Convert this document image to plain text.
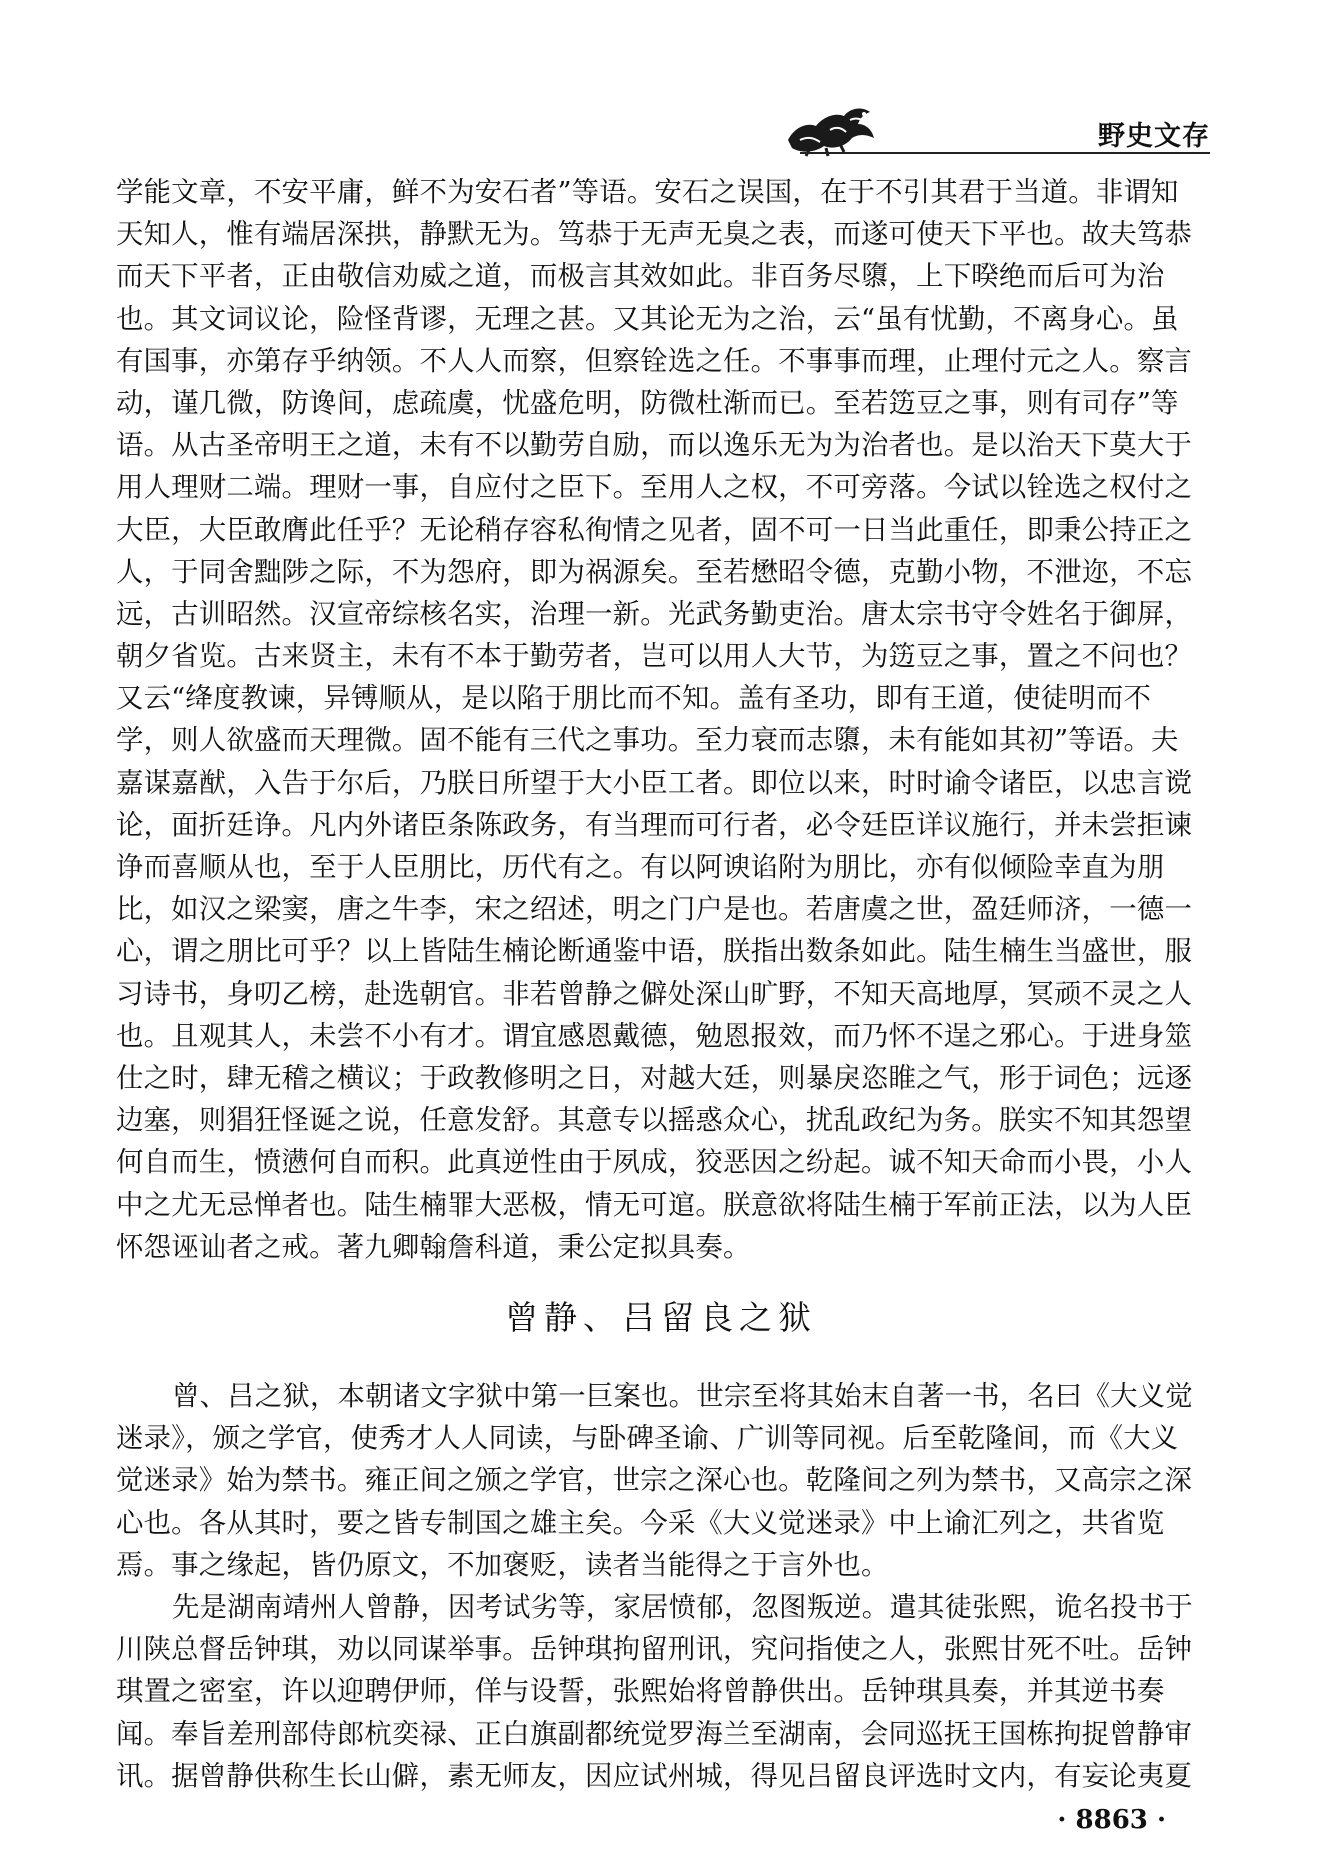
野史文存
学能文章，不安平庸，鲜不为安石者”等语。安石之误国，在于不引其君于当道。非谓知
天知人，惟有端居深拱，静默无为。笃恭于无声无臭之表，而遂可使天下平也。故夫笃恭
而天下平者，正由敬信劝威之道，而极言其效如此。非百务尽隳，上下暌绝而后可为治
也。其文词议论，险怪背谬，无理之甚。又其论无为之治，云“虽有忧勤，不离身心。虽
有国事，亦第存乎纳领。不人人而察，但察铨选之任。不事事而理，止理付元之人。察言
动，谨几微，防谗间，虑疏虞，忧盛危明，防微杜渐而已。至若笾豆之事，则有司存”等
语。从古圣帝明王之道，未有不以勤劳自励，而以逸乐无为为治者也。是以治天下莫大于
用人理财二端。理财一事，自应付之臣下。至用人之权，不可旁落。今试以铨选之权付之
大臣，大臣敢膺此任乎？无论稍存容私徇情之见者，固不可一日当此重任，即秉公持正之
人，于同舍黜陟之际，不为怨府，即为祸源矣。至若懋昭令德，克勤小物，不泄迩，不忘
远，古训昭然。汉宣帝综核名实，治理一新。光武务勤吏治。唐太宗书守令姓名于御屏，
朝夕省览。古来贤主，未有不本于勤劳者，岂可以用人大节，为笾豆之事，置之不问也？
又云“绛度教谏，异镈顺从，是以陷于朋比而不知。盖有圣功，即有王道，使徒明而不
学，则人欲盛而天理微。固不能有三代之事功。至力衰而志隳，未有能如其初”等语。夫
嘉谋嘉猷，入告于尔后，乃朕日所望于大小臣工者。即位以来，时时谕令诸臣，以忠言谠
论，面折廷诤。凡内外诸臣条陈政务，有当理而可行者，必令廷臣详议施行，并未尝拒谏
诤而喜顺从也，至于人臣朋比，历代有之。有以阿谀谄附为朋比，亦有似倾险幸直为朋
比，如汉之梁窦，唐之牛李，宋之绍述，明之门户是也。若唐虞之世，盈廷师济，一德一
心，谓之朋比可乎？以上皆陆生楠论断通鉴中语，朕指出数条如此。陆生楠生当盛世，服
习诗书，身叨乙榜，赴选朝官。非若曾静之僻处深山旷野，不知天高地厚，冥顽不灵之人
也。且观其人，未尝不小有才。谓宜感恩戴德，勉恩报效，而乃怀不逞之邪心。于进身筮
仕之时，肆无稽之横议；于政教修明之日，对越大廷，则暴戾恣睢之气，形于词色；远逐
边塞，则猖狂怪诞之说，任意发舒。其意专以摇惑众心，扰乱政纪为务。朕实不知其怨望
何自而生，愤懑何自而积。此真逆性由于夙成，狡恶因之纷起。诚不知天命而小畏，小人
中之尤无忌惮者也。陆生楠罪大恶极，情无可逭。朕意欲将陆生楠于军前正法，以为人臣
怀怨诬讪者之戒。著九卿翰詹科道，秉公定拟具奏。
曾静、吕留良之狱
曾、吕之狱，本朝诸文字狱中第一巨案也。世宗至将其始末自著一书，名曰《大义觉
迷录》，颁之学官，使秀才人人同读，与卧碑圣谕、广训等同视。后至乾隆间，而《大义
觉迷录》始为禁书。雍正间之颁之学官，世宗之深心也。乾隆间之列为禁书，又高宗之深
心也。各从其时，要之皆专制国之雄主矣。今采《大义觉迷录》中上谕汇列之，共省览
焉。事之缘起，皆仍原文，不加褒贬，读者当能得之于言外也。
先是湖南靖州人曾静，因考试劣等，家居愤郁，忽图叛逆。遣其徒张熙，诡名投书于
川陕总督岳钟琪，劝以同谋举事。岳钟琪拘留刑讯，究问指使之人，张熙甘死不吐。岳钟
琪置之密室，许以迎聘伊师，佯与设誓，张熙始将曾静供出。岳钟琪具奏，并其逆书奏
闻。奉旨差刑部侍郎杭奕禄、正白旗副都统觉罗海兰至湖南，会同巡抚王国栋拘捉曾静审
讯。据曾静供称生长山僻，素无师友，因应试州城，得见吕留良评选时文内，有妄论夷夏
· 8863 ·
